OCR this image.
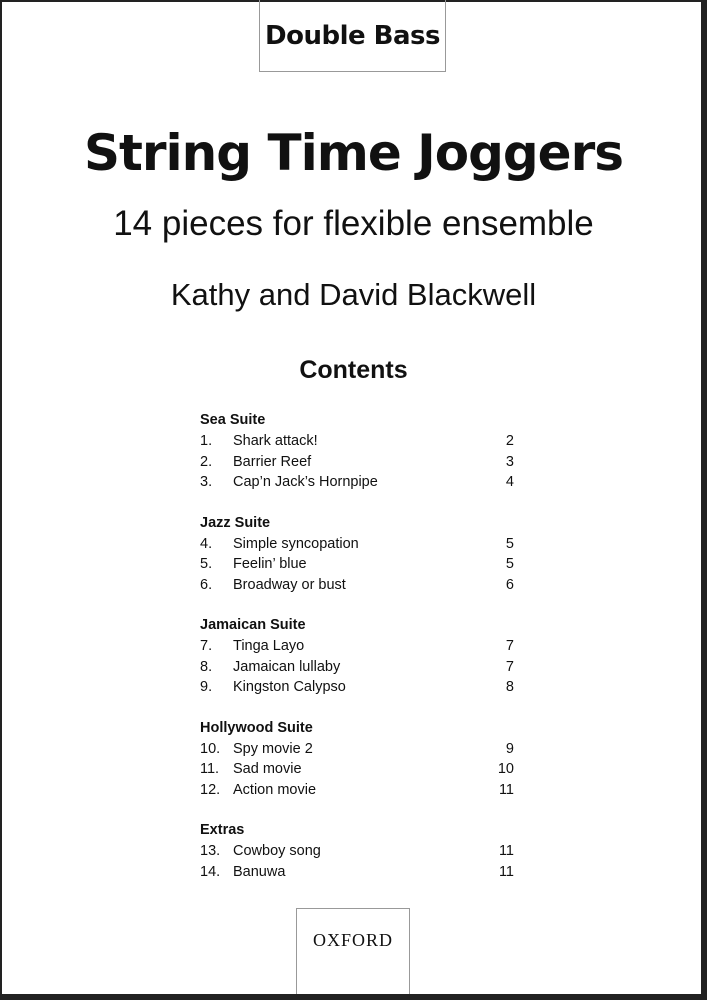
Double Bass
String Time Joggers
14 pieces for flexible ensemble
Kathy and David Blackwell
Contents
Sea Suite
1.	Shark attack!	2
2.	Barrier Reef	3
3.	Cap’n Jack’s Hornpipe	4
Jazz Suite
4.	Simple syncopation	5
5.	Feelin’ blue	5
6.	Broadway or bust	6
Jamaican Suite
7.	Tinga Layo	7
8.	Jamaican lullaby	7
9.	Kingston Calypso	8
Hollywood Suite
10. Spy movie 2	9
11. Sad movie	10
12. Action movie	11
Extras
13. Cowboy song	11
14. Banuwa	11
OXFORD
